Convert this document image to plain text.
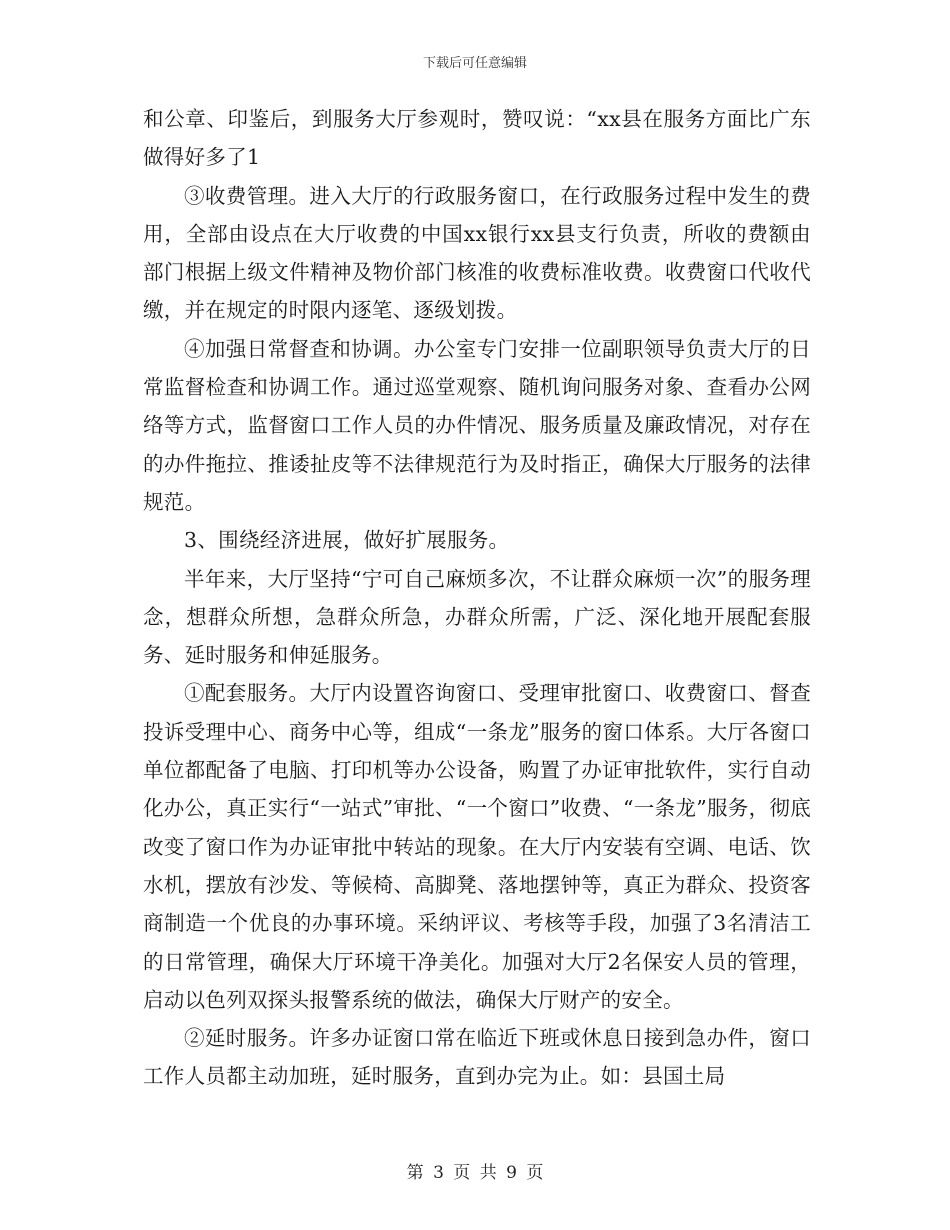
下载后可任意编辑

和公章、印鉴后，到服务大厅参观时，赞叹说：“xx县在服务方面比广东做得好多了1

③收费管理。进入大厅的行政服务窗口，在行政服务过程中发生的费用，全部由设点在大厅收费的中国xx银行xx县支行负责，所收的费额由部门根据上级文件精神及物价部门核准的收费标准收费。收费窗口代收代缴，并在规定的时限内逐笔、逐级划拨。

④加强日常督查和协调。办公室专门安排一位副职领导负责大厅的日常监督检查和协调工作。通过巡堂观察、随机询问服务对象、查看办公网络等方式，监督窗口工作人员的办件情况、服务质量及廉政情况，对存在的办件拖拉、推诿扯皮等不法律规范行为及时指正，确保大厅服务的法律规范。

3、围绕经济进展，做好扩展服务。

半年来，大厅坚持“宁可自己麻烦多次，不让群众麻烦一次”的服务理念，想群众所想，急群众所急，办群众所需，广泛、深化地开展配套服务、延时服务和伸延服务。

①配套服务。大厅内设置咨询窗口、受理审批窗口、收费窗口、督查投诉受理中心、商务中心等，组成“一条龙”服务的窗口体系。大厅各窗口单位都配备了电脑、打印机等办公设备，购置了办证审批软件，实行自动化办公，真正实行“一站式”审批、“一个窗口”收费、“一条龙”服务，彻底改变了窗口作为办证审批中转站的现象。在大厅内安装有空调、电话、饮水机，摆放有沙发、等候椅、高脚凳、落地摆钟等，真正为群众、投资客商制造一个优良的办事环境。采纳评议、考核等手段，加强了3名清洁工的日常管理，确保大厅环境干净美化。加强对大厅2名保安人员的管理，启动以色列双探头报警系统的做法，确保大厅财产的安全。

②延时服务。许多办证窗口常在临近下班或休息日接到急办件，窗口工作人员都主动加班，延时服务，直到办完为止。如：县国土局

第 3 页 共 9 页
